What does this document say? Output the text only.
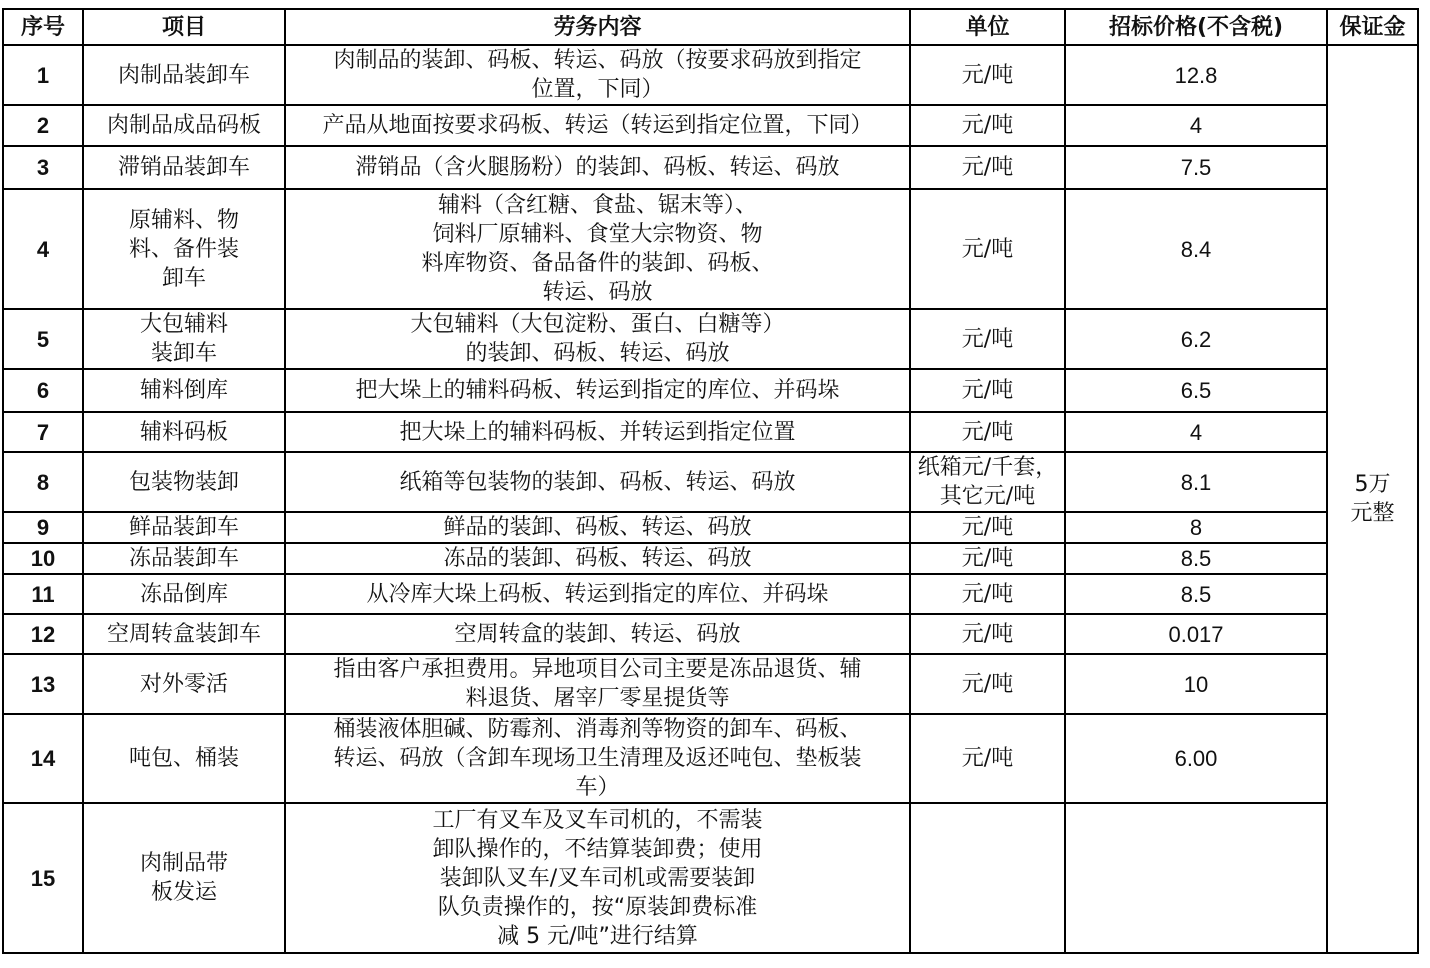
序号	项目	劳务内容	单位	招标价格(不含税)	保证金
1	肉制品装卸车	肉制品的装卸、码板、转运、码放（按要求码放到指定
位置，下同）	元/吨	12.8	5万
元整

2	肉制品成品码板	产品从地面按要求码板、转运（转运到指定位置，下同）	元/吨	4	
3	滞销品装卸车	滞销品（含火腿肠粉）的装卸、码板、转运、码放	元/吨	7.5	
4	原辅料、物
料、备件装
卸车	辅料（含红糖、食盐、锯末等）、
饲料厂原辅料、食堂大宗物资、物
料库物资、备品备件的装卸、码板、
转运、码放	元/吨	8.4	
5	大包辅料
装卸车	大包辅料（大包淀粉、蛋白、白糖等）
的装卸、码板、转运、码放	元/吨	6.2	
6	辅料倒库	把大垛上的辅料码板、转运到指定的库位、并码垛	元/吨	6.5	
7	辅料码板	把大垛上的辅料码板、并转运到指定位置	元/吨	4	
8	包装物装卸	纸箱等包装物的装卸、码板、转运、码放	纸箱元/千套，
其它元/吨	8.1	
9	鲜品装卸车	鲜品的装卸、码板、转运、码放	元/吨	8	
10	冻品装卸车	冻品的装卸、码板、转运、码放	元/吨	8.5	
11	冻品倒库	从冷库大垛上码板、转运到指定的库位、并码垛	元/吨	8.5	
12	空周转盒装卸车	空周转盒的装卸、转运、码放	元/吨	0.017	
13	对外零活	指由客户承担费用。异地项目公司主要是冻品退货、辅
料退货、屠宰厂零星提货等	元/吨	10	
14	吨包、桶装	桶装液体胆碱、防霉剂、消毒剂等物资的卸车、码板、
转运、码放（含卸车现场卫生清理及返还吨包、垫板装
车）	元/吨	6.00	
15	肉制品带
板发运	工厂有叉车及叉车司机的，不需装
卸队操作的，不结算装卸费；使用
装卸队叉车/叉车司机或需要装卸
队负责操作的，按“原装卸费标准
减 5 元/吨”进行结算			
